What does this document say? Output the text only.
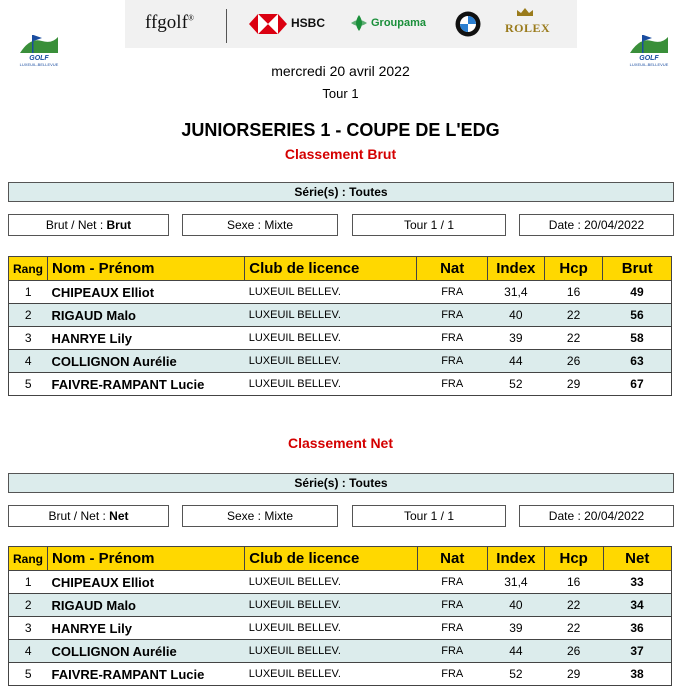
ffgolf®	HSBC	Groupama	ROLEX
GOLF
LUXEUIL-BELLEVUE
GOLF
LUXEUIL-BELLEVUE
mercredi 20 avril 2022
Tour 1
JUNIORSERIES 1 - COUPE DE L'EDG
Classement Brut
Série(s) : Toutes
Brut / Net : Brut	Sexe : Mixte	Tour 1 / 1	Date : 20/04/2022
Rang	Nom - Prénom	Club de licence	Nat	Index	Hcp	Brut
1	CHIPEAUX Elliot	LUXEUIL BELLEV.	FRA	31,4	16	49
2	RIGAUD Malo	LUXEUIL BELLEV.	FRA	40	22	56
3	HANRYE Lily	LUXEUIL BELLEV.	FRA	39	22	58
4	COLLIGNON Aurélie	LUXEUIL BELLEV.	FRA	44	26	63
5	FAIVRE-RAMPANT Lucie	LUXEUIL BELLEV.	FRA	52	29	67
Classement Net
Série(s) : Toutes
Brut / Net : Net	Sexe : Mixte	Tour 1 / 1	Date : 20/04/2022
Rang	Nom - Prénom	Club de licence	Nat	Index	Hcp	Net
1	CHIPEAUX Elliot	LUXEUIL BELLEV.	FRA	31,4	16	33
2	RIGAUD Malo	LUXEUIL BELLEV.	FRA	40	22	34
3	HANRYE Lily	LUXEUIL BELLEV.	FRA	39	22	36
4	COLLIGNON Aurélie	LUXEUIL BELLEV.	FRA	44	26	37
5	FAIVRE-RAMPANT Lucie	LUXEUIL BELLEV.	FRA	52	29	38
